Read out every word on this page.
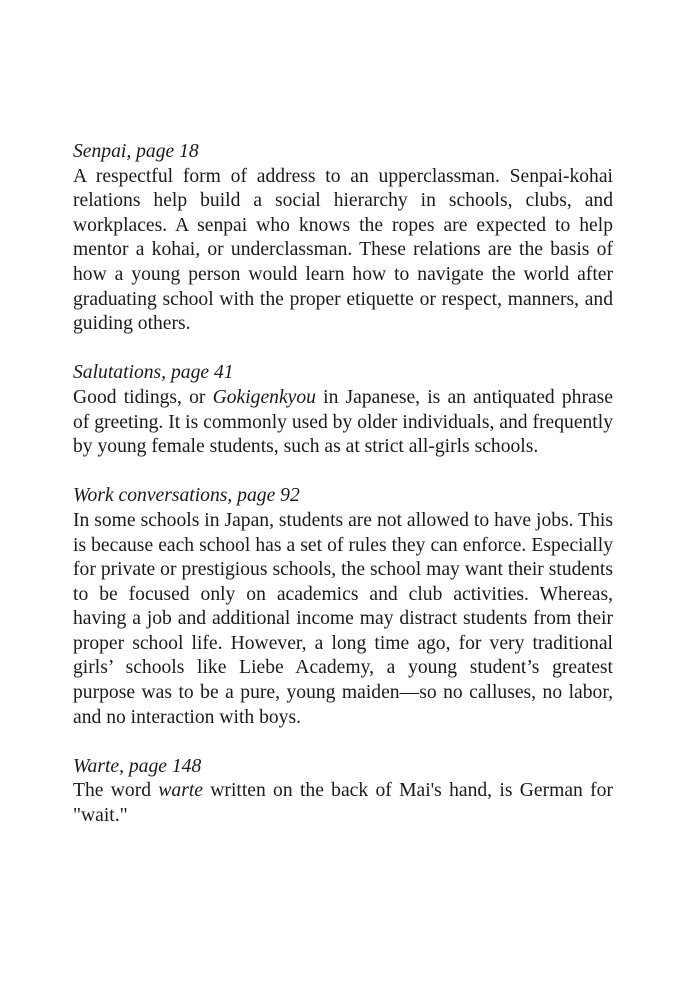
Senpai, page 18
A respectful form of address to an upperclassman. Senpai-kohai relations help build a social hierarchy in schools, clubs, and workplaces. A senpai who knows the ropes are expected to help mentor a kohai, or underclassman. These relations are the basis of how a young person would learn how to navigate the world after graduating school with the proper etiquette or respect, manners, and guiding others.
Salutations, page 41
Good tidings, or Gokigenkyou in Japanese, is an antiquated phrase of greeting. It is commonly used by older individuals, and frequently by young female students, such as at strict all-girls schools.
Work conversations, page 92
In some schools in Japan, students are not allowed to have jobs. This is because each school has a set of rules they can enforce. Especially for private or prestigious schools, the school may want their students to be focused only on academics and club activities. Whereas, having a job and additional income may distract students from their proper school life. However, a long time ago, for very traditional girls’ schools like Liebe Academy, a young student’s greatest purpose was to be a pure, young maiden—so no calluses, no labor, and no interaction with boys.
Warte, page 148
The word warte written on the back of Mai's hand, is German for "wait."
